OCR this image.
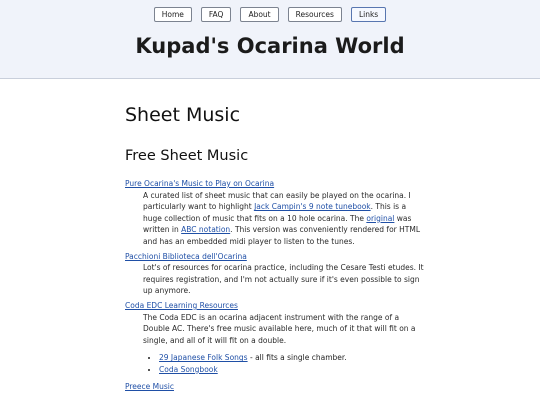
Home	FAQ	About	Resources	Links
Kupad's Ocarina World
Sheet Music
Free Sheet Music
Pure Ocarina's Music to Play on Ocarina

A curated list of sheet music that can easily be played on the ocarina. I particularly want to highlight Jack Campin's 9 note tunebook. This is a huge collection of music that fits on a 10 hole ocarina. The original was written in ABC notation. This version was conveniently rendered for HTML and has an embedded midi player to listen to the tunes.

Pacchioni Biblioteca dell'Ocarina

Lot's of resources for ocarina practice, including the Cesare Testi etudes. It requires registration, and I'm not actually sure if it's even possible to sign up anymore.

Coda EDC Learning Resources

The Coda EDC is an ocarina adjacent instrument with the range of a Double AC. There's free music available here, much of it that will fit on a single, and all of it will fit on a double.

• 29 Japanese Folk Songs - all fits a single chamber.
• Coda Songbook
Preece Music
